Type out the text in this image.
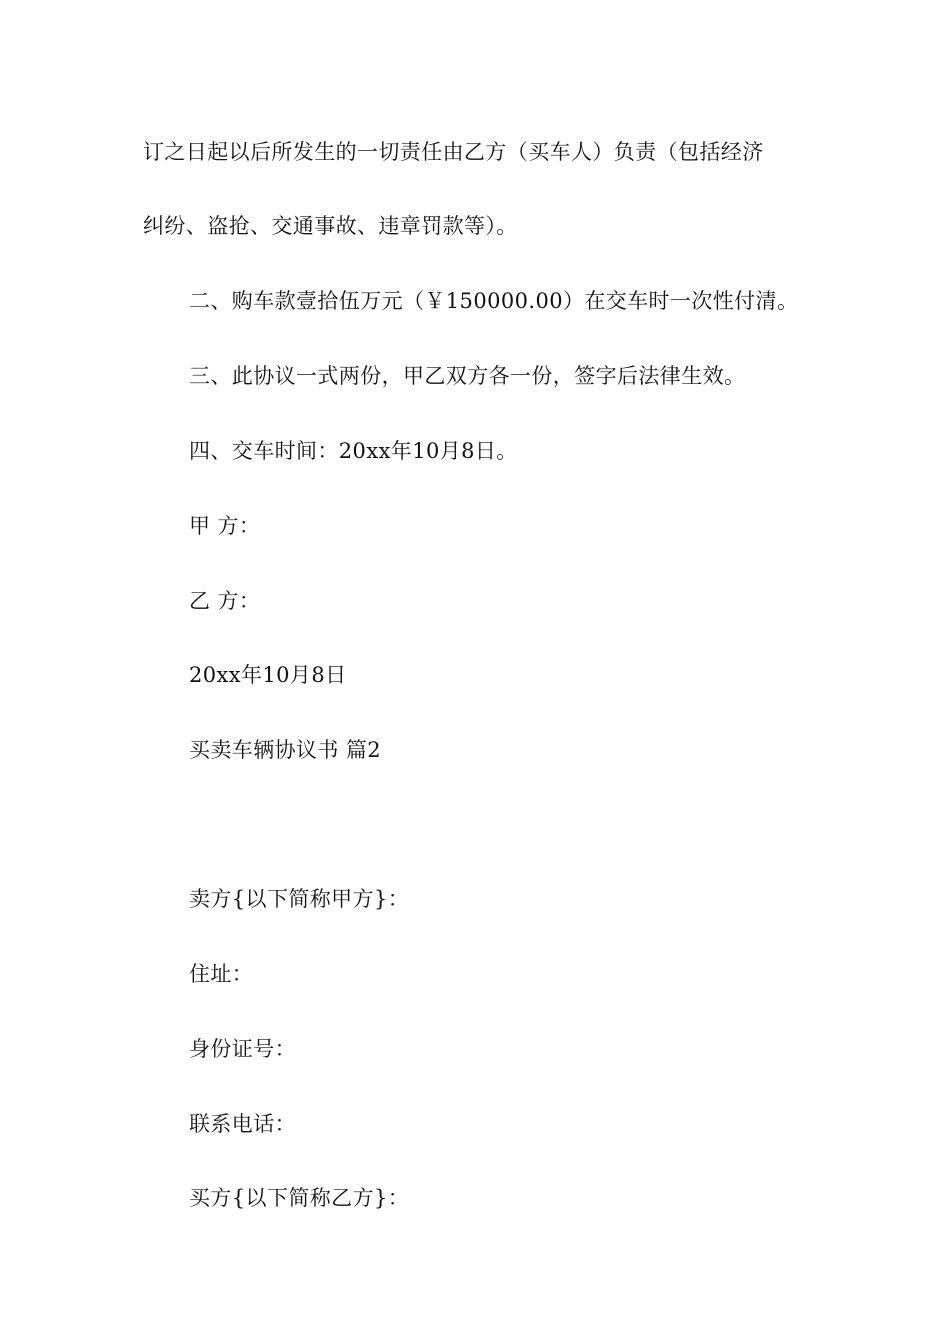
订之日起以后所发生的一切责任由乙方（买车人）负责（包括经济
纠纷、盗抢、交通事故、违章罚款等）。
二、购车款壹拾伍万元（￥150000.00）在交车时一次性付清。
三、此协议一式两份，甲乙双方各一份，签字后法律生效。
四、交车时间：20xx年10月8日。
甲 方：
乙 方：
20xx年10月8日
买卖车辆协议书 篇2
卖方{以下简称甲方}：
住址：
身份证号：
联系电话：
买方{以下简称乙方}：
